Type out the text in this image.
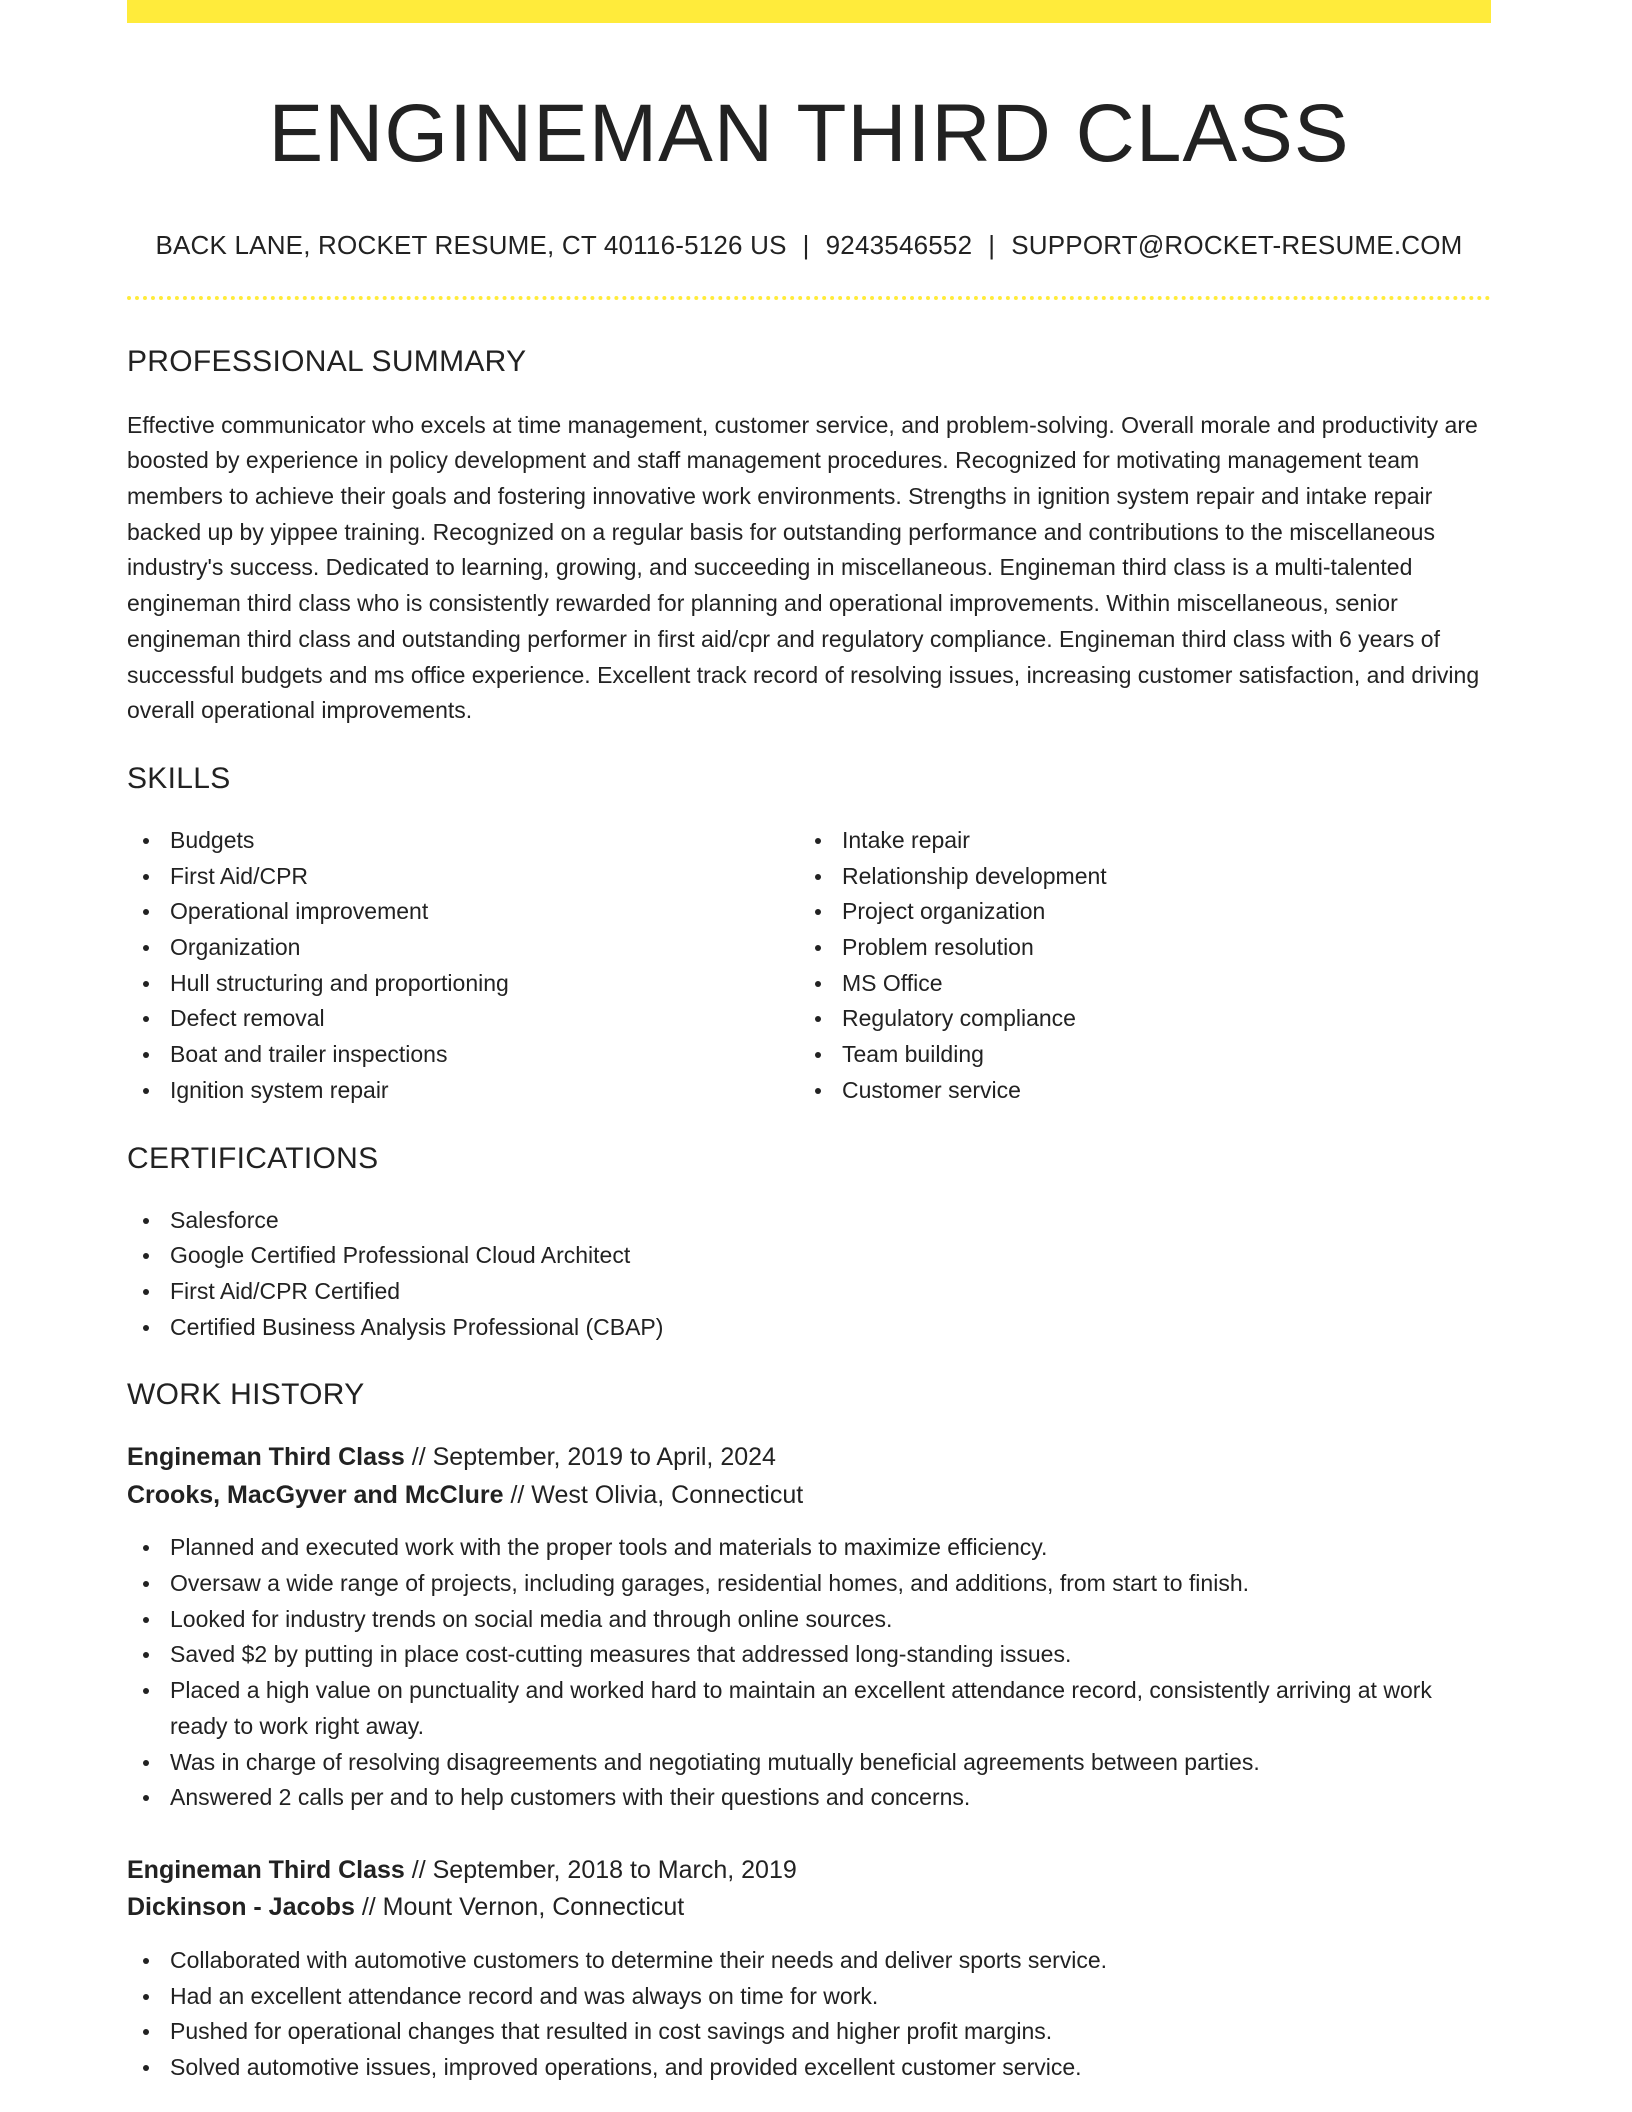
ENGINEMAN THIRD CLASS
BACK LANE, ROCKET RESUME, CT 40116-5126 US | 9243546552 | SUPPORT@ROCKET-RESUME.COM
PROFESSIONAL SUMMARY

Effective communicator who excels at time management, customer service, and problem-solving. Overall morale and productivity are boosted by experience in policy development and staff management procedures. Recognized for motivating management team members to achieve their goals and fostering innovative work environments. Strengths in ignition system repair and intake repair backed up by yippee training. Recognized on a regular basis for outstanding performance and contributions to the miscellaneous industry's success. Dedicated to learning, growing, and succeeding in miscellaneous. Engineman third class is a multi-talented engineman third class who is consistently rewarded for planning and operational improvements. Within miscellaneous, senior engineman third class and outstanding performer in first aid/cpr and regulatory compliance. Engineman third class with 6 years of successful budgets and ms office experience. Excellent track record of resolving issues, increasing customer satisfaction, and driving overall operational improvements.

SKILLS
Budgets
First Aid/CPR
Operational improvement
Organization
Hull structuring and proportioning
Defect removal
Boat and trailer inspections
Ignition system repair
Intake repair
Relationship development
Project organization
Problem resolution
MS Office
Regulatory compliance
Team building
Customer service
CERTIFICATIONS
Salesforce
Google Certified Professional Cloud Architect
First Aid/CPR Certified
Certified Business Analysis Professional (CBAP)
WORK HISTORY
Engineman Third Class // September, 2019 to April, 2024
Crooks, MacGyver and McClure // West Olivia, Connecticut
Planned and executed work with the proper tools and materials to maximize efficiency.
Oversaw a wide range of projects, including garages, residential homes, and additions, from start to finish.
Looked for industry trends on social media and through online sources.
Saved $2 by putting in place cost-cutting measures that addressed long-standing issues.
Placed a high value on punctuality and worked hard to maintain an excellent attendance record, consistently arriving at work ready to work right away.
Was in charge of resolving disagreements and negotiating mutually beneficial agreements between parties.
Answered 2 calls per and to help customers with their questions and concerns.
Engineman Third Class // September, 2018 to March, 2019
Dickinson - Jacobs // Mount Vernon, Connecticut
Collaborated with automotive customers to determine their needs and deliver sports service.
Had an excellent attendance record and was always on time for work.
Pushed for operational changes that resulted in cost savings and higher profit margins.
Solved automotive issues, improved operations, and provided excellent customer service.
